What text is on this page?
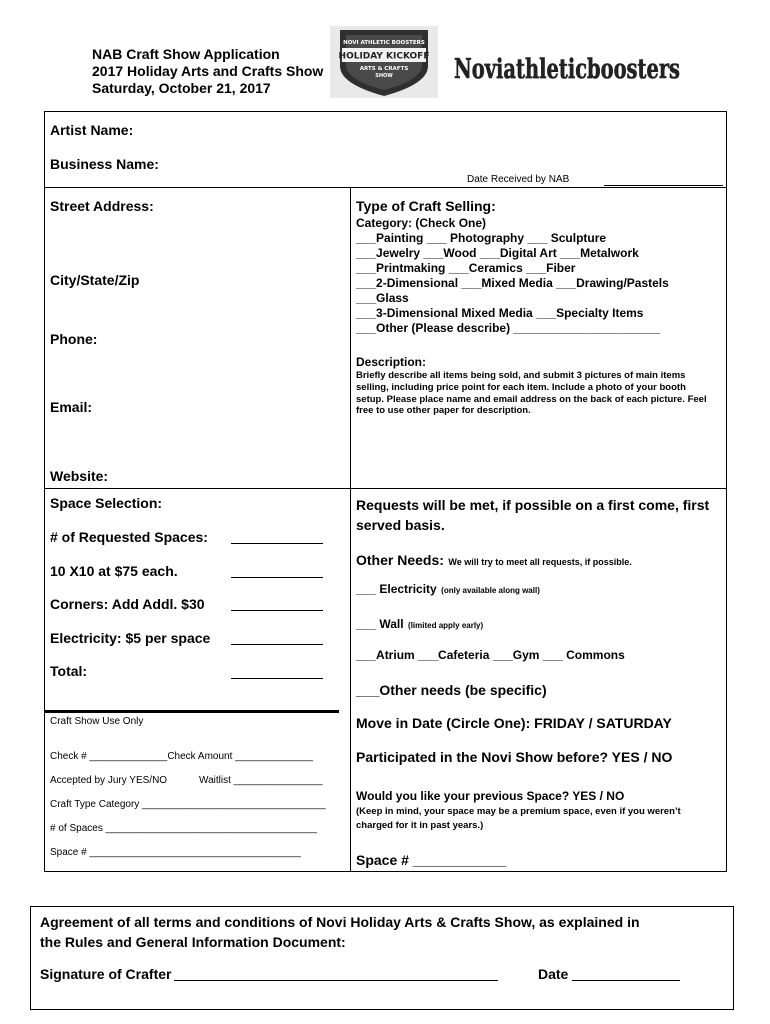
NAB Craft Show Application
2017 Holiday Arts and Crafts Show
Saturday, October 21, 2017
NOVI ATHLETIC BOOSTERS
HOLIDAY KICKOFF
ARTS & CRAFTS
SHOW Noviathleticboosters
Artist Name:
Business Name:
Date Received by NAB
Street Address:
City/State/Zip
Phone:
Email:
Website:
Type of Craft Selling:
Category: (Check One)
___Painting ___ Photography ___ Sculpture
___Jewelry ___Wood ___Digital Art ___Metalwork
___Printmaking ___Ceramics ___Fiber
___2-Dimensional ___Mixed Media ___Drawing/Pastels
___Glass
___3-Dimensional Mixed Media ___Specialty Items
___Other (Please describe) ______________________
Description:
Briefly describe all items being sold, and submit 3 pictures of main items selling, including price point for each item. Include a photo of your booth setup. Please place name and email address on the back of each picture. Feel free to use other paper for description.
Space Selection:
# of Requested Spaces:
10 X10 at $75 each.
Corners: Add Addl. $30
Electricity: $5 per space
Total:
Craft Show Use Only
Check # ______________Check Amount ______________
Accepted by Jury YES/NO	Waitlist ________________
Craft Type Category _________________________________
# of Spaces ______________________________________
Space # ______________________________________
Requests will be met, if possible on a first come, first served basis.
Other Needs: We will try to meet all requests, if possible.
___ Electricity (only available along wall)
___ Wall (limited apply early)
___Atrium ___Cafeteria ___Gym ___ Commons
___Other needs (be specific)
Move in Date (Circle One): FRIDAY / SATURDAY
Participated in the Novi Show before? YES / NO
Would you like your previous Space? YES / NO
(Keep in mind, your space may be a premium space, even if you weren’t charged for it in past years.)
Space # ____________
Agreement of all terms and conditions of Novi Holiday Arts & Crafts Show, as explained in the Rules and General Information Document:
Signature of Crafter	Date
